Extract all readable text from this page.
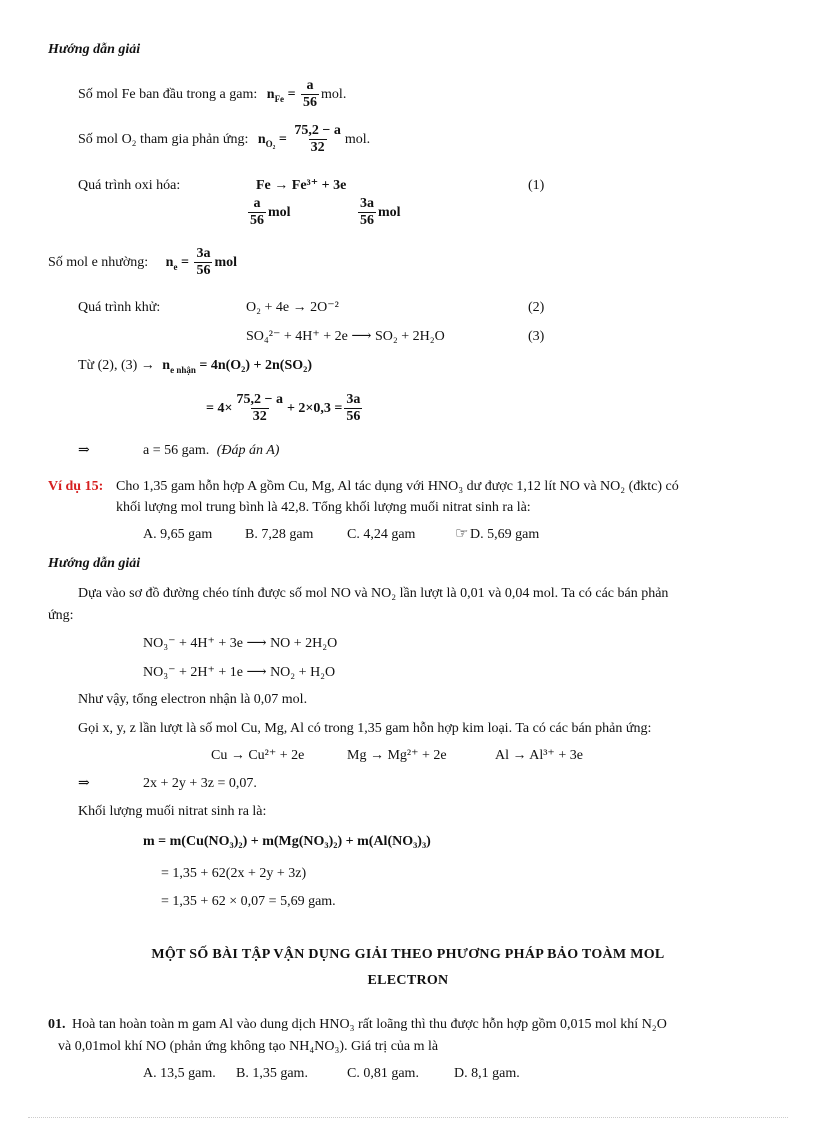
Hướng dẫn giải
Số mol Fe ban đầu trong a gam: $n_{Fe} = \frac{a}{56}$ mol.
Số mol O₂ tham gia phản ứng: $n_{O_2} = \frac{75,2 - a}{32}$ mol.
Quá trình oxi hóa:	Fe → Fe³⁺ + 3e	(1)
$\frac{a}{56}$ mol	$\frac{3a}{56}$ mol
Số mol e nhường: $n_e = \frac{3a}{56}$ mol
Quá trình khử:	O₂ + 4e → 2O⁻²	(2)
SO₄²⁻ + 4H⁺ + 2e ⟶ SO₂ + 2H₂O	(3)
Từ (2), $(3) \to n_{e nhận} = 4n(O_2) + 2n(SO_2)$
= $4\times \frac{75,2 - a}{32} + 2\times 0,3 = \frac{3a}{56}$
⇒	a = 56 gam. (Đáp án A)
Ví dụ 15: Cho 1,35 gam hỗn hợp A gồm Cu, Mg, Al tác dụng với HNO₃ dư được 1,12 lít NO và NO₂ (đktc) có
khối lượng mol trung bình là 42,8. Tổng khối lượng muối nitrat sinh ra là:
A. 9,65 gam B. 7,28 gam C. 4,24 gam	☞ D. 5,69 gam
Hướng dẫn giải
Dựa vào sơ đồ đường chéo tính được số mol NO và NO₂ lần lượt là 0,01 và 0,04 mol. Ta có các bán phản
ứng:
NO₃⁻ + 4H⁺ + 3e ⟶ NO + 2H₂O
NO₃⁻ + 2H⁺ + 1e ⟶ NO₂ + H₂O
Như vậy, tổng electron nhận là 0,07 mol.
Gọi x, y, z lần lượt là số mol Cu, Mg, Al có trong 1,35 gam hỗn hợp kim loại. Ta có các bán phản ứng:
Cu → Cu²⁺ + 2e	Mg → Mg²⁺ + 2e	Al → Al³⁺ + 3e
⇒	2x + 2y + 3z = 0,07.
Khối lượng muối nitrat sinh ra là:
m = m(Cu(NO₃)₂) + m(Mg(NO₃)₂) + m(Al(NO₃)₃)
= 1,35 + 62(2x + 2y + 3z)
= 1,35 + 62 × 0,07 = 5,69 gam.
MỘT SỐ BÀI TẬP VẬN DỤNG GIẢI THEO PHƯƠNG PHÁP BẢO TOÀM MOL
ELECTRON
01. Hoà tan hoàn toàn m gam Al vào dung dịch HNO₃ rất loãng thì thu được hỗn hợp gồm 0,015 mol khí N₂O
và 0,01mol khí NO (phản ứng không tạo NH₄NO₃). Giá trị của m là
A. 13,5 gam. B. 1,35 gam.	C. 0,81 gam.	D. 8,1 gam.
